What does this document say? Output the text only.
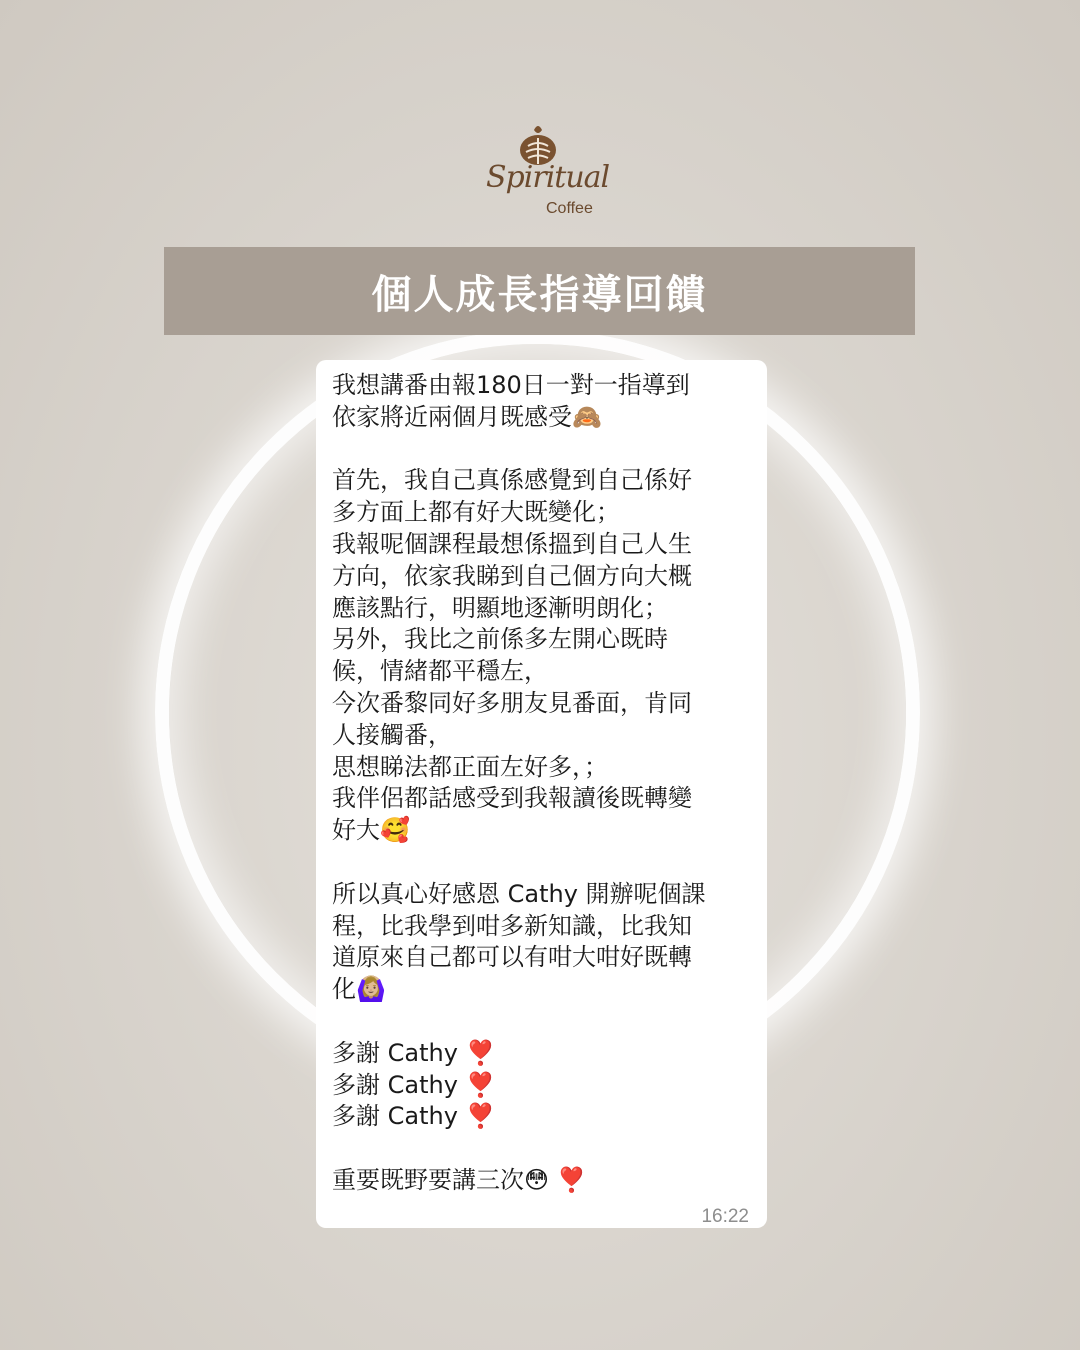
Spiritual
Coffee
個人成長指導回饋
我想講番由報180日一對一指導到
依家將近兩個月既感受🙈
首先，我自己真係感覺到自己係好
多方面上都有好大既變化；
我報呢個課程最想係搵到自己人生
方向，依家我睇到自己個方向大概
應該點行，明顯地逐漸明朗化；
另外，我比之前係多左開心既時
候，情緒都平穩左，
今次番黎同好多朋友見番面，肯同
人接觸番，
思想睇法都正面左好多，；
我伴侶都話感受到我報讀後既轉變
好大🥰
所以真心好感恩 Cathy 開辦呢個課
程，比我學到咁多新知識，比我知
道原來自己都可以有咁大咁好既轉
化🙆🏼‍♀️
多謝 Cathy ❣️
多謝 Cathy ❣️
多謝 Cathy ❣️
重要既野要講三次😳 ❣️
16:22
